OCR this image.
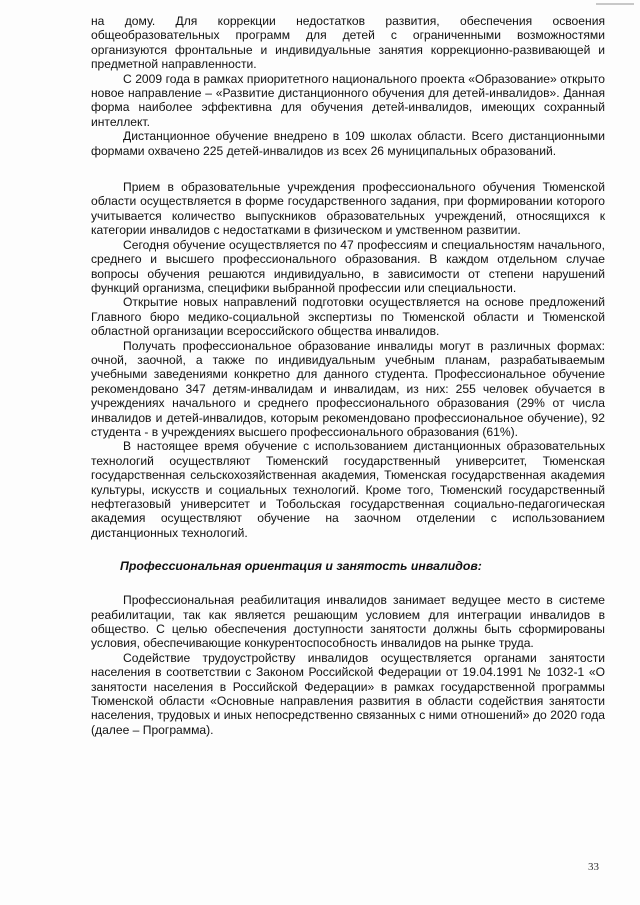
на дому. Для коррекции недостатков развития, обеспечения освоения общеобразовательных программ для детей с ограниченными возможностями организуются фронтальные и индивидуальные занятия коррекционно-развивающей и предметной направленности.

С 2009 года в рамках приоритетного национального проекта «Образование» открыто новое направление – «Развитие дистанционного обучения для детей-инвалидов». Данная форма наиболее эффективна для обучения детей-инвалидов, имеющих сохранный интеллект.

Дистанционное обучение внедрено в 109 школах области. Всего дистанционными формами охвачено 225 детей-инвалидов из всех 26 муниципальных образований.

Прием в образовательные учреждения профессионального обучения Тюменской области осуществляется в форме государственного задания, при формировании которого учитывается количество выпускников образовательных учреждений, относящихся к категории инвалидов с недостатками в физическом и умственном развитии.

Сегодня обучение осуществляется по 47 профессиям и специальностям начального, среднего и высшего профессионального образования. В каждом отдельном случае вопросы обучения решаются индивидуально, в зависимости от степени нарушений функций организма, специфики выбранной профессии или специальности.

Открытие новых направлений подготовки осуществляется на основе предложений Главного бюро медико-социальной экспертизы по Тюменской области и Тюменской областной организации всероссийского общества инвалидов.

Получать профессиональное образование инвалиды могут в различных формах: очной, заочной, а также по индивидуальным учебным планам, разрабатываемым учебными заведениями конкретно для данного студента. Профессиональное обучение рекомендовано 347 детям-инвалидам и инвалидам, из них: 255 человек обучается в учреждениях начального и среднего профессионального образования (29% от числа инвалидов и детей-инвалидов, которым рекомендовано профессиональное обучение), 92 студента - в учреждениях высшего профессионального образования (61%).

В настоящее время обучение с использованием дистанционных образовательных технологий осуществляют Тюменский государственный университет, Тюменская государственная сельскохозяйственная академия, Тюменская государственная академия культуры, искусств и социальных технологий. Кроме того, Тюменский государственный нефтегазовый университет и Тобольская государственная социально-педагогическая академия осуществляют обучение на заочном отделении с использованием дистанционных технологий.

Профессиональная ориентация и занятость инвалидов:

Профессиональная реабилитация инвалидов занимает ведущее место в системе реабилитации, так как является решающим условием для интеграции инвалидов в общество. С целью обеспечения доступности занятости должны быть сформированы условия, обеспечивающие конкурентоспособность инвалидов на рынке труда.

Содействие трудоустройству инвалидов осуществляется органами занятости населения в соответствии с Законом Российской Федерации от 19.04.1991 № 1032-1 «О занятости населения в Российской Федерации» в рамках государственной программы Тюменской области «Основные направления развития в области содействия занятости населения, трудовых и иных непосредственно связанных с ними отношений» до 2020 года (далее – Программа).

33
